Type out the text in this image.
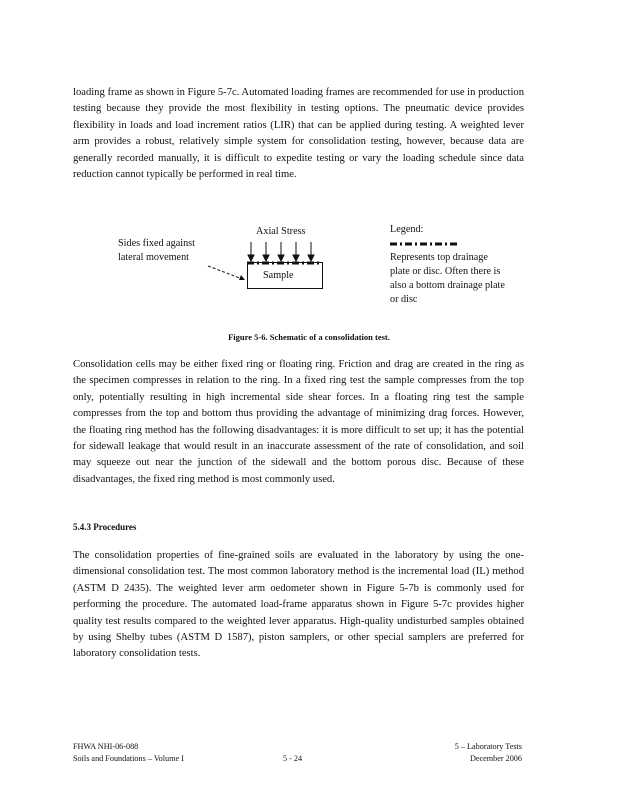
loading frame as shown in Figure 5-7c. Automated loading frames are recommended for use in production testing because they provide the most flexibility in testing options. The pneumatic device provides flexibility in loads and load increment ratios (LIR) that can be applied during testing. A weighted lever arm provides a robust, relatively simple system for consolidation testing, however, because data are generally recorded manually, it is difficult to expedite testing or vary the loading schedule since data reduction cannot typically be performed in real time.
Axial Stress
Sides fixed against lateral movement
Sample
Legend:
Represents top drainage plate or disc. Often there is also a bottom drainage plate or disc
Figure 5-6. Schematic of a consolidation test.
Consolidation cells may be either fixed ring or floating ring. Friction and drag are created in the ring as the specimen compresses in relation to the ring. In a fixed ring test the sample compresses from the top only, potentially resulting in high incremental side shear forces. In a floating ring test the sample compresses from the top and bottom thus providing the advantage of minimizing drag forces. However, the floating ring method has the following disadvantages: it is more difficult to set up; it has the potential for sidewall leakage that would result in an inaccurate assessment of the rate of consolidation, and soil may squeeze out near the junction of the sidewall and the bottom porous disc. Because of these disadvantages, the fixed ring method is most commonly used.
5.4.3 Procedures
The consolidation properties of fine-grained soils are evaluated in the laboratory by using the one-dimensional consolidation test. The most common laboratory method is the incremental load (IL) method (ASTM D 2435). The weighted lever arm oedometer shown in Figure 5-7b is commonly used for performing the procedure. The automated load-frame apparatus shown in Figure 5-7c provides higher quality test results compared to the weighted lever apparatus. High-quality undisturbed samples obtained by using Shelby tubes (ASTM D 1587), piston samplers, or other special samplers are preferred for laboratory consolidation tests.
FHWA NHI-06-088
Soils and Foundations – Volume I	5 - 24
5 – Laboratory Tests
December 2006
